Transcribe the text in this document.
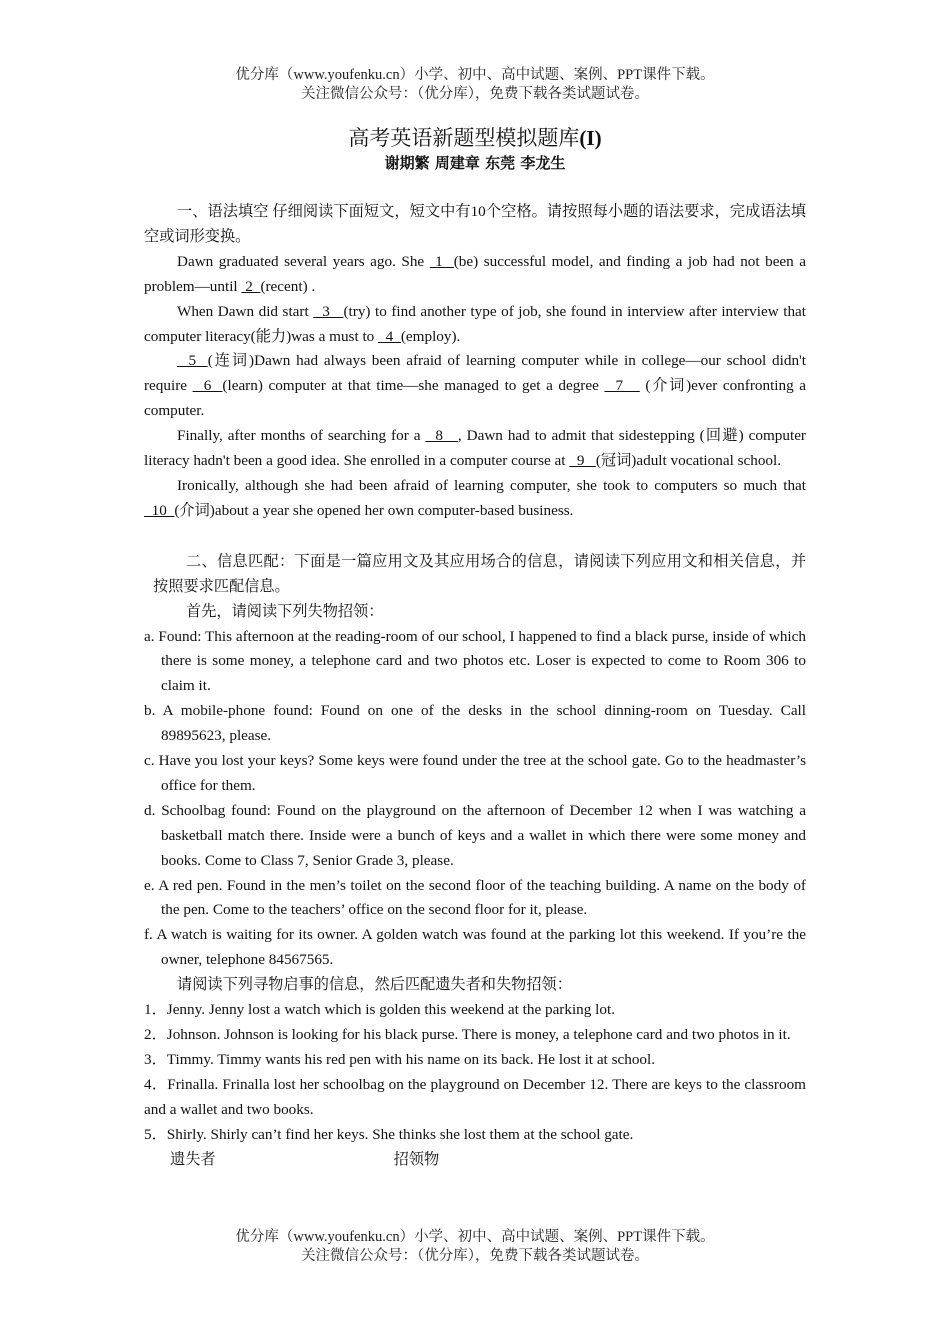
优分库（www.youfenku.cn）小学、初中、高中试题、案例、PPT课件下载。
关注微信公众号：（优分库），免费下载各类试题试卷。
高考英语新题型模拟题库(I)
谢期繁 周建章 东莞 李龙生

一、语法填空 仔细阅读下面短文，短文中有10个空格。请按照每小题的语法要求，完成语法填空或词形变换。

Dawn graduated several years ago. She  1  (be) successful model, and finding a job had not been a problem—until  2  (recent) .

When Dawn did start   3   (try) to find another type of job, she found in interview after interview that computer literacy(能力)was a must to   4  (employ).

5  (连词)Dawn had always been afraid of learning computer while in college—our school didn't require   6  (learn) computer at that time—she managed to get a degree   7    (介词)ever confronting a computer.

Finally, after months of searching for a   8   , Dawn had to admit that sidestepping (回避) computer literacy hadn't been a good idea. She enrolled in a computer course at   9   (冠词)adult vocational school.

Ironically, although she had been afraid of learning computer, she took to computers so much that   10  (介词)about a year she opened her own computer-based business.

二、信息匹配：下面是一篇应用文及其应用场合的信息，请阅读下列应用文和相关信息，并按照要求匹配信息。

首先，请阅读下列失物招领：

a. Found: This afternoon at the reading-room of our school, I happened to find a black purse, inside of which there is some money, a telephone card and two photos etc. Loser is expected to come to Room 306 to claim it.

b. A mobile-phone found: Found on one of the desks in the school dinning-room on Tuesday. Call 89895623, please.

c. Have you lost your keys? Some keys were found under the tree at the school gate. Go to the headmaster’s office for them.

d. Schoolbag found: Found on the playground on the afternoon of December 12 when I was watching a basketball match there. Inside were a bunch of keys and a wallet in which there were some money and books. Come to Class 7, Senior Grade 3, please.

e. A red pen. Found in the men’s toilet on the second floor of the teaching building. A name on the body of the pen. Come to the teachers’ office on the second floor for it, please.

f. A watch is waiting for its owner. A golden watch was found at the parking lot this weekend. If you’re the owner, telephone 84567565.

请阅读下列寻物启事的信息，然后匹配遗失者和失物招领：

1．Jenny. Jenny lost a watch which is golden this weekend at the parking lot.

2．Johnson. Johnson is looking for his black purse. There is money, a telephone card and two photos in it.

3．Timmy. Timmy wants his red pen with his name on its back. He lost it at school.

4．Frinalla. Frinalla lost her schoolbag on the playground on December 12. There are keys to the classroom and a wallet and two books.

5．Shirly. Shirly can’t find her keys. She thinks she lost them at the school gate.

遗失者	招领物

优分库（www.youfenku.cn）小学、初中、高中试题、案例、PPT课件下载。
关注微信公众号：（优分库），免费下载各类试题试卷。
